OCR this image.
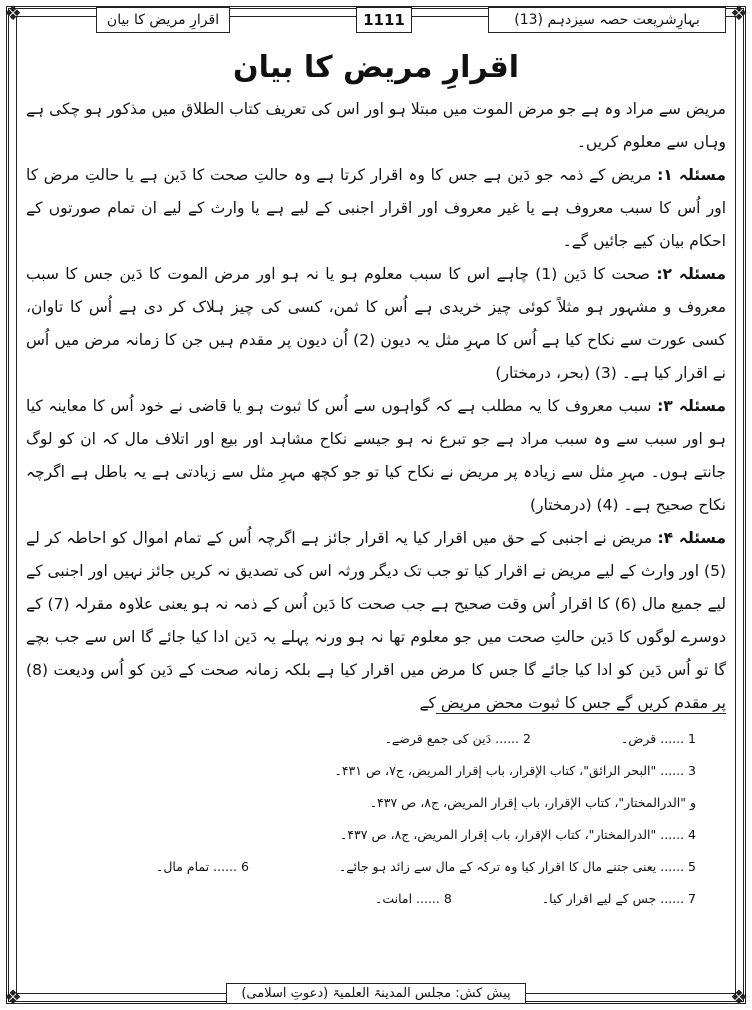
❖	❖
❖	❖
بہارِشریعت حصہ سیزدہم (13)
1111
اقرارِ مریض کا بیان
اقرارِ مریض کا بیان

مریض سے مراد وہ ہے جو مرض الموت میں مبتلا ہو اور اس کی تعریف کتاب الطلاق میں مذکور ہو چکی ہے وہاں سے معلوم کریں۔

مسئلہ ۱: مریض کے ذمہ جو دَین ہے جس کا وہ اقرار کرتا ہے وہ حالتِ صحت کا دَین ہے یا حالتِ مرض کا اور اُس کا سبب معروف ہے یا غیر معروف اور اقرار اجنبی کے لیے ہے یا وارث کے لیے ان تمام صورتوں کے احکام بیان کیے جائیں گے۔

مسئلہ ۲: صحت کا دَین (1) چاہے اس کا سبب معلوم ہو یا نہ ہو اور مرض الموت کا دَین جس کا سبب معروف و مشہور ہو مثلاً کوئی چیز خریدی ہے اُس کا ثمن، کسی کی چیز ہلاک کر دی ہے اُس کا تاوان، کسی عورت سے نکاح کیا ہے اُس کا مہرِ مثل یہ دیون (2) اُن دیون پر مقدم ہیں جن کا زمانہ مرض میں اُس نے اقرار کیا ہے۔ (3) (بحر، درمختار)

مسئلہ ۳: سبب معروف کا یہ مطلب ہے کہ گواہوں سے اُس کا ثبوت ہو یا قاضی نے خود اُس کا معاینہ کیا ہو اور سبب سے وہ سبب مراد ہے جو تبرع نہ ہو جیسے نکاح مشاہد اور بیع اور اتلاف مال کہ ان کو لوگ جانتے ہوں۔ مہرِ مثل سے زیادہ پر مریض نے نکاح کیا تو جو کچھ مہرِ مثل سے زیادتی ہے یہ باطل ہے اگرچہ نکاح صحیح ہے۔ (4) (درمختار)

مسئلہ ۴: مریض نے اجنبی کے حق میں اقرار کیا یہ اقرار جائز ہے اگرچہ اُس کے تمام اموال کو احاطہ کر لے (5) اور وارث کے لیے مریض نے اقرار کیا تو جب تک دیگر ورثہ اس کی تصدیق نہ کریں جائز نہیں اور اجنبی کے لیے جمیع مال (6) کا اقرار اُس وقت صحیح ہے جب صحت کا دَین اُس کے ذمہ نہ ہو یعنی علاوہ مقرلہ (7) کے دوسرے لوگوں کا دَین حالتِ صحت میں جو معلوم تھا نہ ہو ورنہ پہلے یہ دَین ادا کیا جائے گا اس سے جب بچے گا تو اُس دَین کو ادا کیا جائے گا جس کا مرض میں اقرار کیا ہے بلکہ زمانہ صحت کے دَین کو اُس ودیعت (8) پر مقدم کریں گے جس کا ثبوت محض مریض کے

1 ...... قرض۔
2 ...... دَین کی جمع قرضے۔
3 ...... "البحر الرائق"، کتاب الإقرار، باب إقرار المریض، ج۷، ص ۴۳۱۔
و "الدرالمختار"، کتاب الإقرار، باب إقرار المریض، ج۸، ص ۴۳۷۔
4 ...... "الدرالمختار"، کتاب الإقرار، باب إقرار المریض، ج۸، ص ۴۳۷۔
5 ...... یعنی جتنے مال کا اقرار کیا وہ ترکہ کے مال سے زائد ہو جائے۔
6 ...... تمام مال۔
7 ...... جس کے لیے اقرار کیا۔
8 ...... امانت۔
پیش کش: مجلس المدینۃ العلمیۃ (دعوتِ اسلامی)
